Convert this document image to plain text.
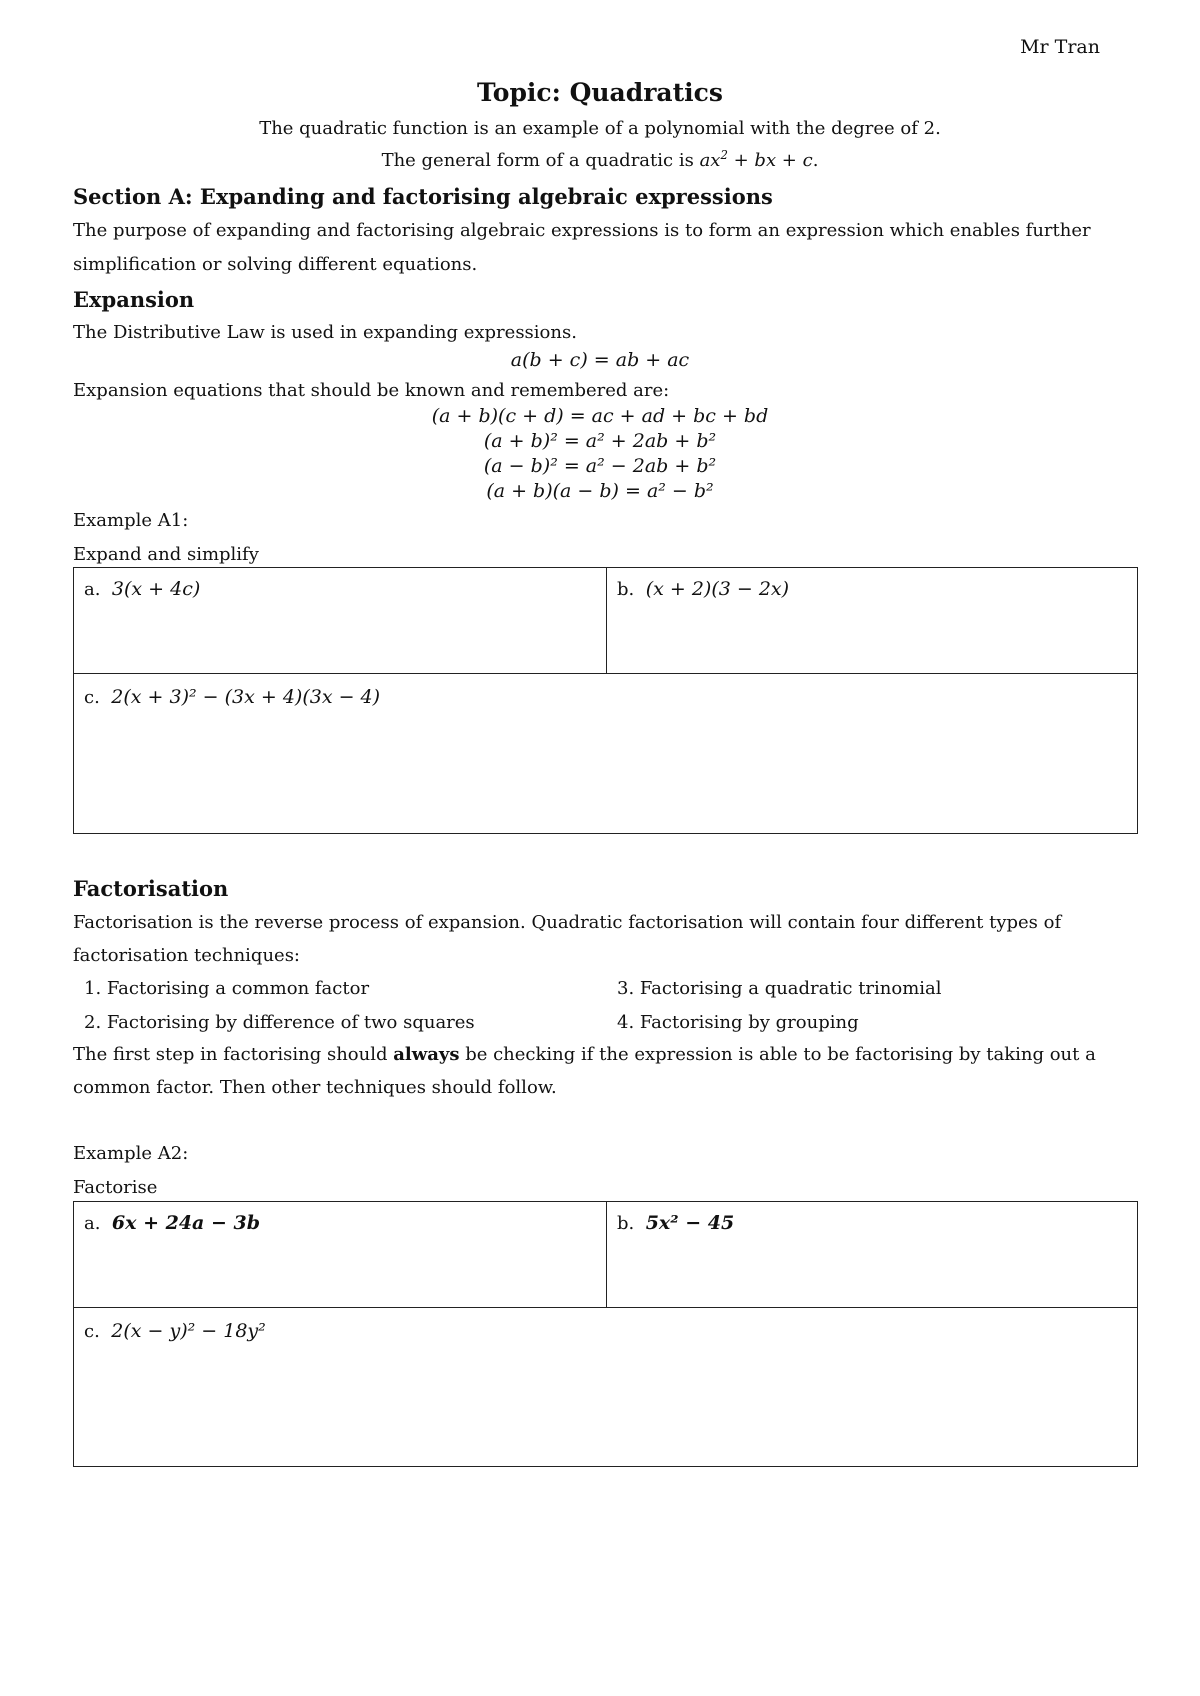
Mr Tran
Topic: Quadratics
The quadratic function is an example of a polynomial with the degree of 2.
The general form of a quadratic is $ax^2$ + bx + c.
Section A: Expanding and factorising algebraic expressions
The purpose of expanding and factorising algebraic expressions is to form an expression which enables further
simplification or solving different equations.
Expansion
The Distributive Law is used in expanding expressions.
a(b + c) = ab + ac
Expansion equations that should be known and remembered are:
(a + b)(c + d) = ac + ad + bc + bd
(a + b)² = a² + 2ab + b²
(a − b)² = a² − 2ab + b²
(a + b)(a − b) = a² − b²
Example A1:
Expand and simplify
a. 3(x + 4c)	b. (x + 2)(3 − 2x)
c. 2(x + 3)² − (3x + 4)(3x − 4)
Factorisation
Factorisation is the reverse process of expansion. Quadratic factorisation will contain four different types of
factorisation techniques:
1. Factorising a common factor
2. Factorising by difference of two squares
3. Factorising a quadratic trinomial
4. Factorising by grouping
The first step in factorising should always be checking if the expression is able to be factorising by taking out a
common factor. Then other techniques should follow.
Example A2:
Factorise
a. 6x + 24a − 3b	b. 5x² − 45
c. 2(x − y)² − 18y²
